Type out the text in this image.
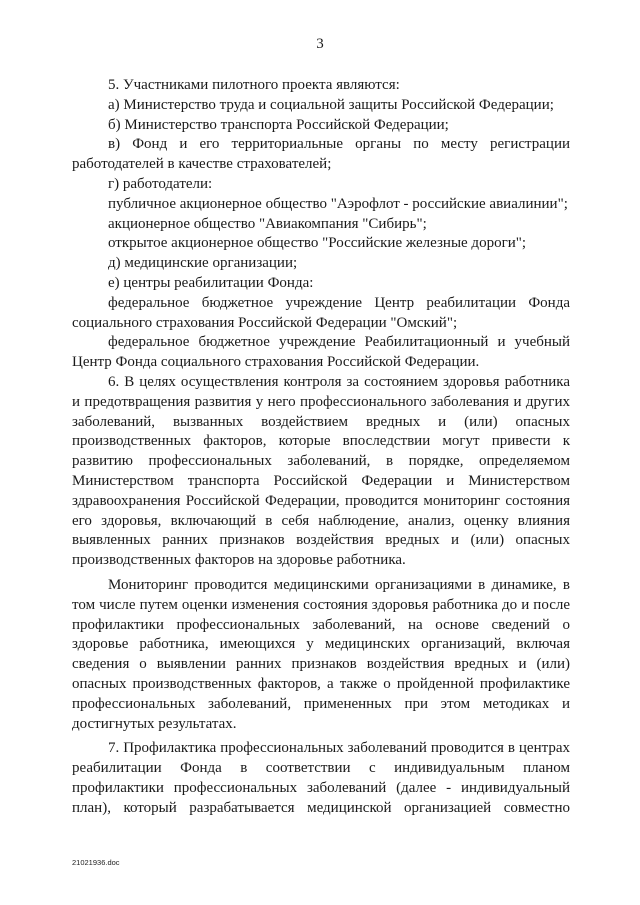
3

5. Участниками пилотного проекта являются:

а) Министерство труда и социальной защиты Российской Федерации;

б) Министерство транспорта Российской Федерации;

в) Фонд и его территориальные органы по месту регистрации работодателей в качестве страхователей;

г) работодатели:

публичное акционерное общество "Аэрофлот - российские авиалинии";

акционерное общество "Авиакомпания "Сибирь";

открытое акционерное общество "Российские железные дороги";

д) медицинские организации;

е) центры реабилитации Фонда:

федеральное бюджетное учреждение Центр реабилитации Фонда социального страхования Российской Федерации "Омский";

федеральное бюджетное учреждение Реабилитационный и учебный Центр Фонда социального страхования Российской Федерации.

6. В целях осуществления контроля за состоянием здоровья работника и предотвращения развития у него профессионального заболевания и других заболеваний, вызванных воздействием вредных и (или) опасных производственных факторов, которые впоследствии могут привести к развитию профессиональных заболеваний, в порядке, определяемом Министерством транспорта Российской Федерации и Министерством здравоохранения Российской Федерации, проводится мониторинг состояния его здоровья, включающий в себя наблюдение, анализ, оценку влияния выявленных ранних признаков воздействия вредных и (или) опасных производственных факторов на здоровье работника.

Мониторинг проводится медицинскими организациями в динамике, в том числе путем оценки изменения состояния здоровья работника до и после профилактики профессиональных заболеваний, на основе сведений о здоровье работника, имеющихся у медицинских организаций, включая сведения о выявлении ранних признаков воздействия вредных и (или) опасных производственных факторов, а также о пройденной профилактике профессиональных заболеваний, примененных при этом методиках и достигнутых результатах.

7. Профилактика профессиональных заболеваний проводится в центрах реабилитации Фонда в соответствии с индивидуальным планом профилактики профессиональных заболеваний (далее - индивидуальный план), который разрабатывается медицинской организацией совместно

21021936.doc
